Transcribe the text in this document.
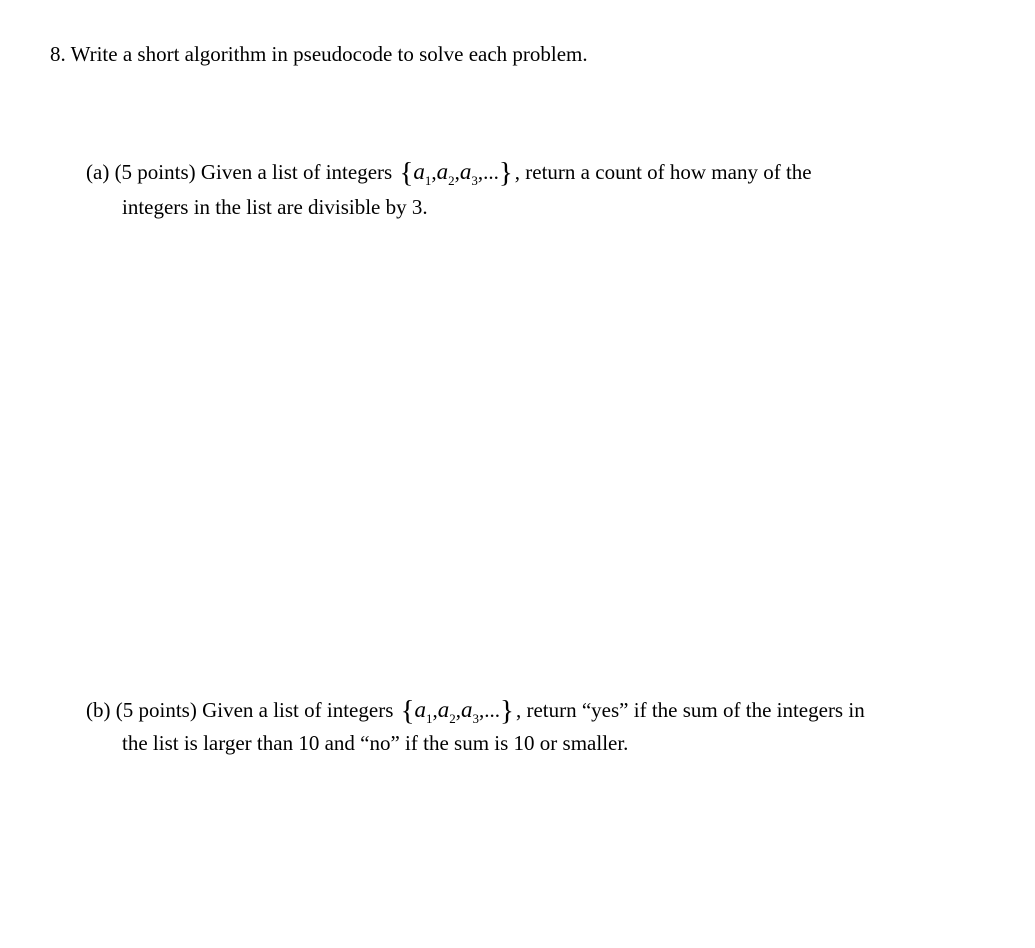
8. Write a short algorithm in pseudocode to solve each problem.
(a) (5 points) Given a list of integers $\{a_1,a_2,a_3,...\}$, return a count of how many of the
integers in the list are divisible by 3.
(b) (5 points) Given a list of integers $\{a_1,a_2,a_3,...\}$, return “yes” if the sum of the integers in
the list is larger than 10 and “no” if the sum is 10 or smaller.
